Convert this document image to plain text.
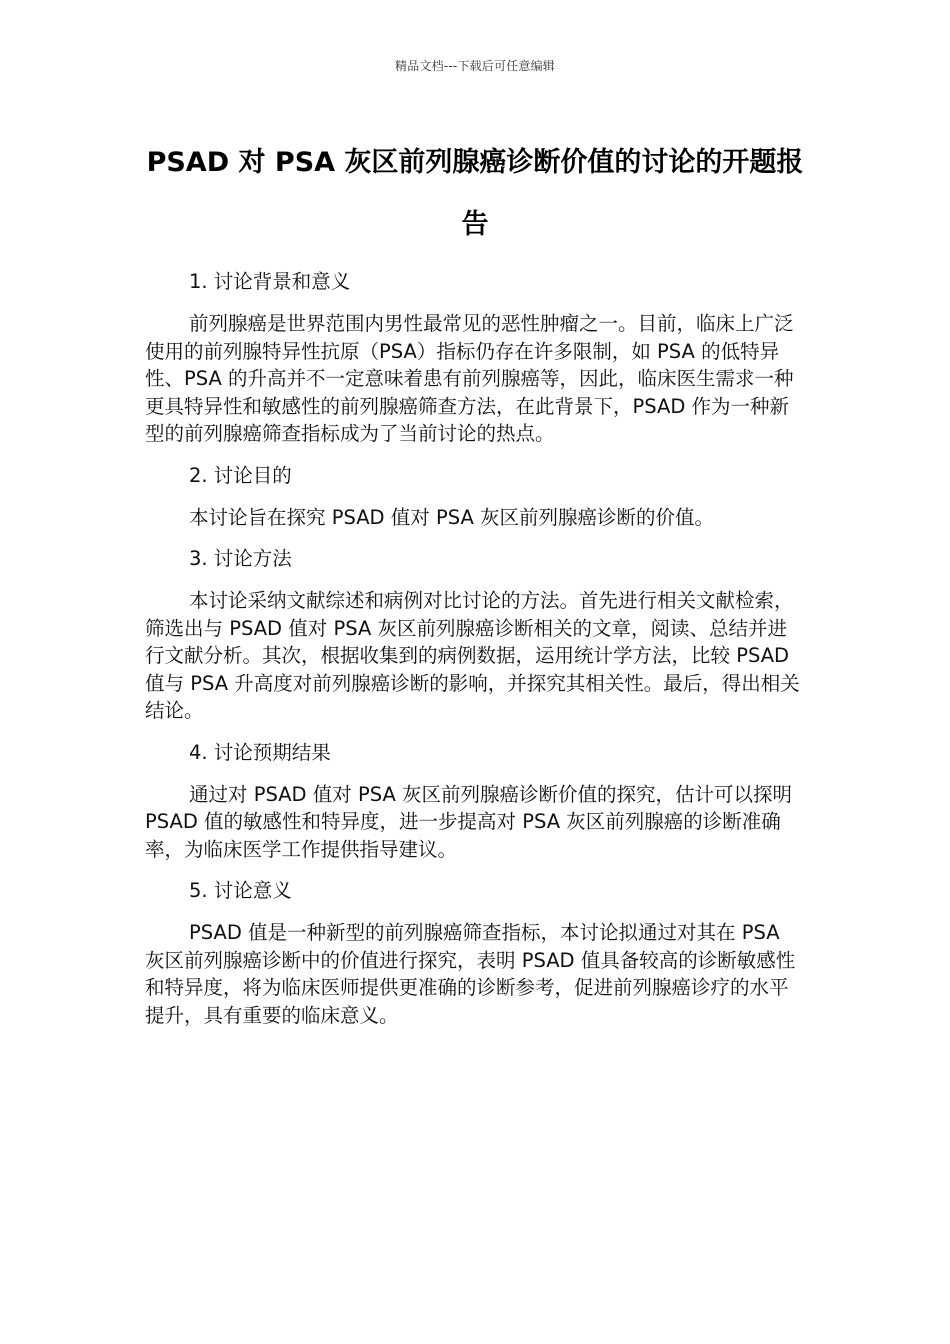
精品文档---下载后可任意编辑
PSAD 对 PSA 灰区前列腺癌诊断价值的讨论的开题报告

1. 讨论背景和意义

前列腺癌是世界范围内男性最常见的恶性肿瘤之一。目前，临床上广泛使用的前列腺特异性抗原（PSA）指标仍存在许多限制，如 PSA 的低特异性、PSA 的升高并不一定意味着患有前列腺癌等，因此，临床医生需求一种更具特异性和敏感性的前列腺癌筛查方法，在此背景下，PSAD 作为一种新型的前列腺癌筛查指标成为了当前讨论的热点。

2. 讨论目的

本讨论旨在探究 PSAD 值对 PSA 灰区前列腺癌诊断的价值。

3. 讨论方法

本讨论采纳文献综述和病例对比讨论的方法。首先进行相关文献检索，筛选出与 PSAD 值对 PSA 灰区前列腺癌诊断相关的文章，阅读、总结并进行文献分析。其次，根据收集到的病例数据，运用统计学方法，比较 PSAD 值与 PSA 升高度对前列腺癌诊断的影响，并探究其相关性。最后，得出相关结论。

4. 讨论预期结果

通过对 PSAD 值对 PSA 灰区前列腺癌诊断价值的探究，估计可以探明 PSAD 值的敏感性和特异度，进一步提高对 PSA 灰区前列腺癌的诊断准确率，为临床医学工作提供指导建议。

5. 讨论意义

PSAD 值是一种新型的前列腺癌筛查指标，本讨论拟通过对其在 PSA 灰区前列腺癌诊断中的价值进行探究，表明 PSAD 值具备较高的诊断敏感性和特异度，将为临床医师提供更准确的诊断参考，促进前列腺癌诊疗的水平提升，具有重要的临床意义。
